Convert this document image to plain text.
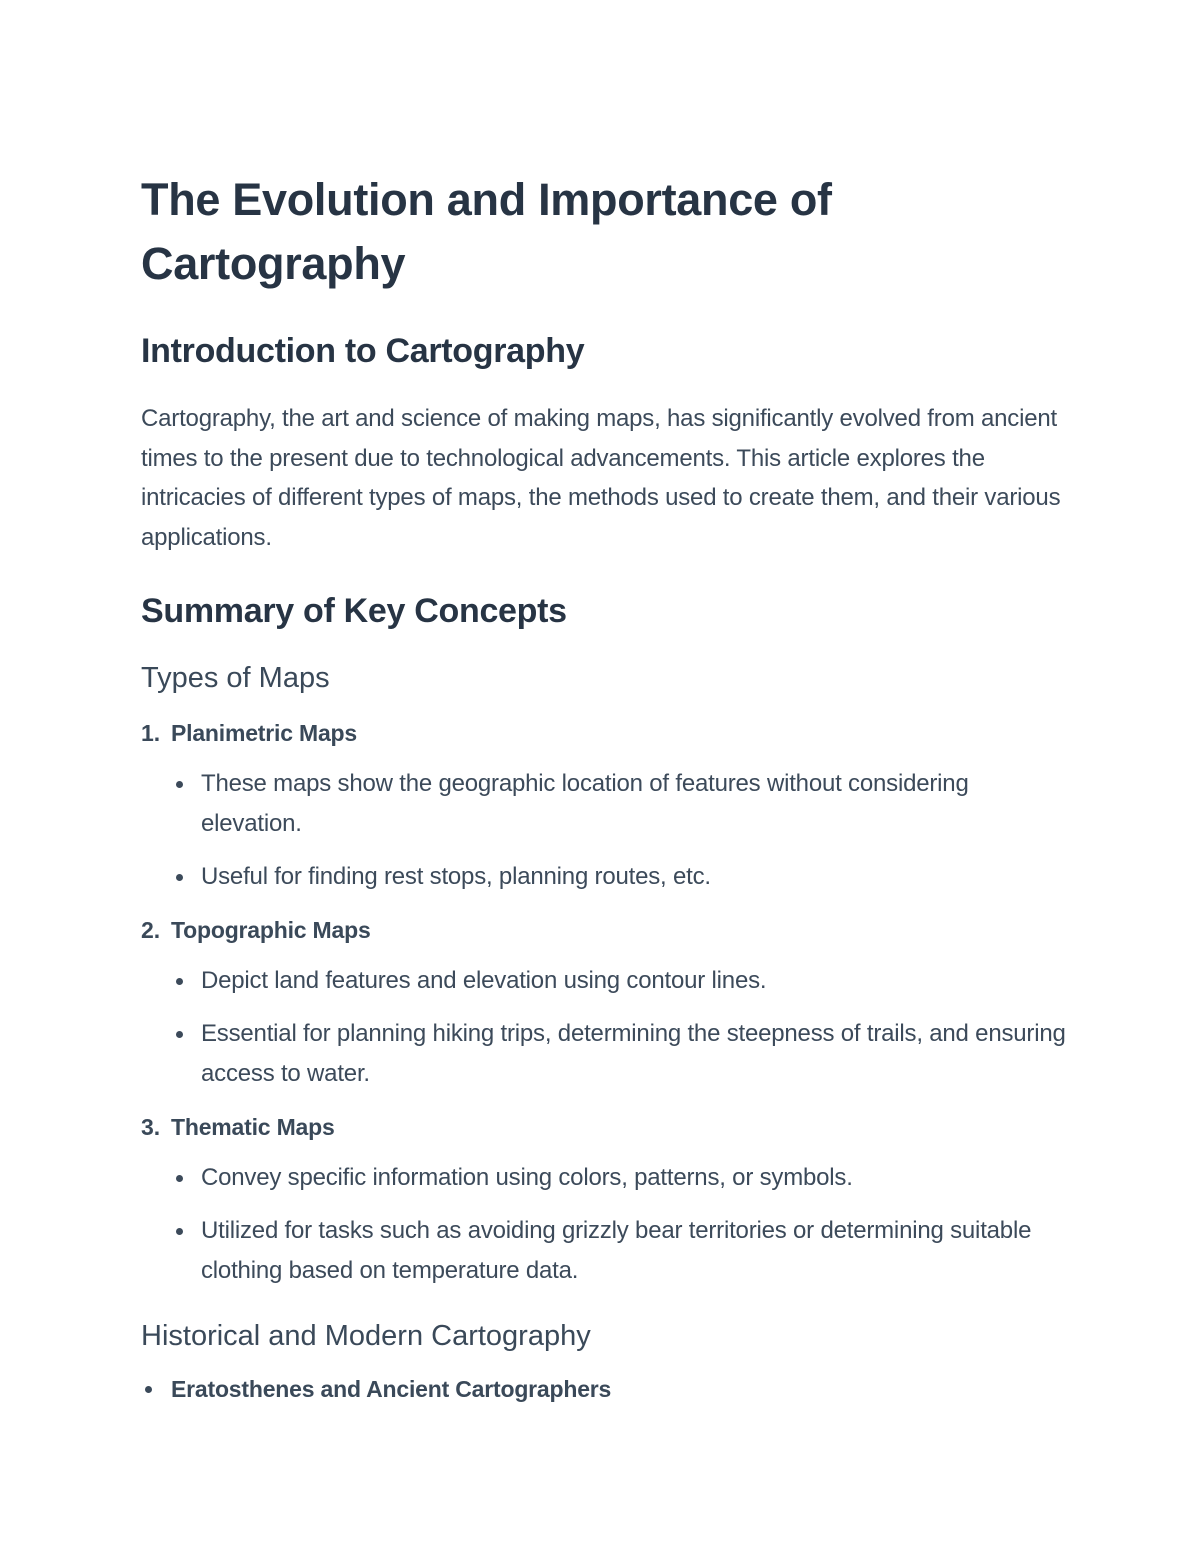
The Evolution and Importance of Cartography
Introduction to Cartography

Cartography, the art and science of making maps, has significantly evolved from ancient times to the present due to technological advancements. This article explores the intricacies of different types of maps, the methods used to create them, and their various applications.

Summary of Key Concepts
Types of Maps
1. Planimetric Maps
These maps show the geographic location of features without considering elevation.
Useful for finding rest stops, planning routes, etc.
2. Topographic Maps
Depict land features and elevation using contour lines.
Essential for planning hiking trips, determining the steepness of trails, and ensuring access to water.
3. Thematic Maps
Convey specific information using colors, patterns, or symbols.
Utilized for tasks such as avoiding grizzly bear territories or determining suitable clothing based on temperature data.
Historical and Modern Cartography
Eratosthenes and Ancient Cartographers
